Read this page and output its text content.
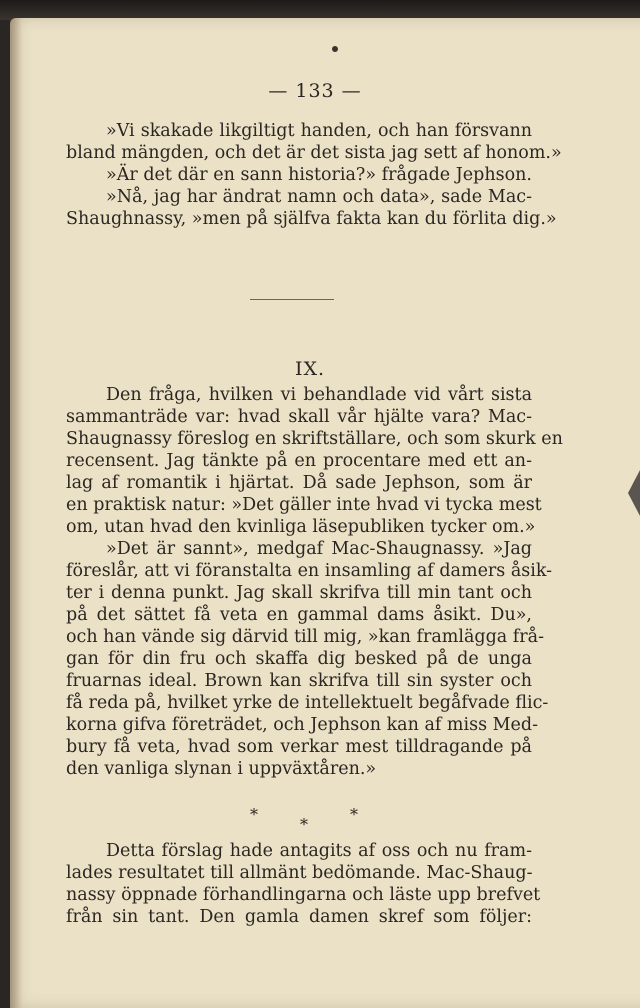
— 133 —
»Vi skakade likgiltigt handen, och han försvann
bland mängden, och det är det sista jag sett af honom.»
»Är det där en sann historia?» frågade Jephson.
»Nå, jag har ändrat namn och data», sade Mac-
Shaughnassy, »men på själfva fakta kan du förlita dig.»
IX.
Den fråga, hvilken vi behandlade vid vårt sista
sammanträde var: hvad skall vår hjälte vara? Mac-
Shaugnassy föreslog en skriftställare, och som skurk en
recensent. Jag tänkte på en procentare med ett an-
lag af romantik i hjärtat. Då sade Jephson, som är
en praktisk natur: »Det gäller inte hvad vi tycka mest
om, utan hvad den kvinliga läsepubliken tycker om.»
»Det är sannt», medgaf Mac-Shaugnassy. »Jag
föreslår, att vi föranstalta en insamling af damers åsik-
ter i denna punkt. Jag skall skrifva till min tant och
på det sättet få veta en gammal dams åsikt. Du»,
och han vände sig därvid till mig, »kan framlägga frå-
gan för din fru och skaffa dig besked på de unga
fruarnas ideal. Brown kan skrifva till sin syster och
få reda på, hvilket yrke de intellektuelt begåfvade flic-
korna gifva företrädet, och Jephson kan af miss Med-
bury få veta, hvad som verkar mest tilldragande på
den vanliga slynan i uppväxtåren.»
*
*
*
Detta förslag hade antagits af oss och nu fram-
lades resultatet till allmänt bedömande. Mac-Shaug-
nassy öppnade förhandlingarna och läste upp brefvet
från sin tant. Den gamla damen skref som följer:
